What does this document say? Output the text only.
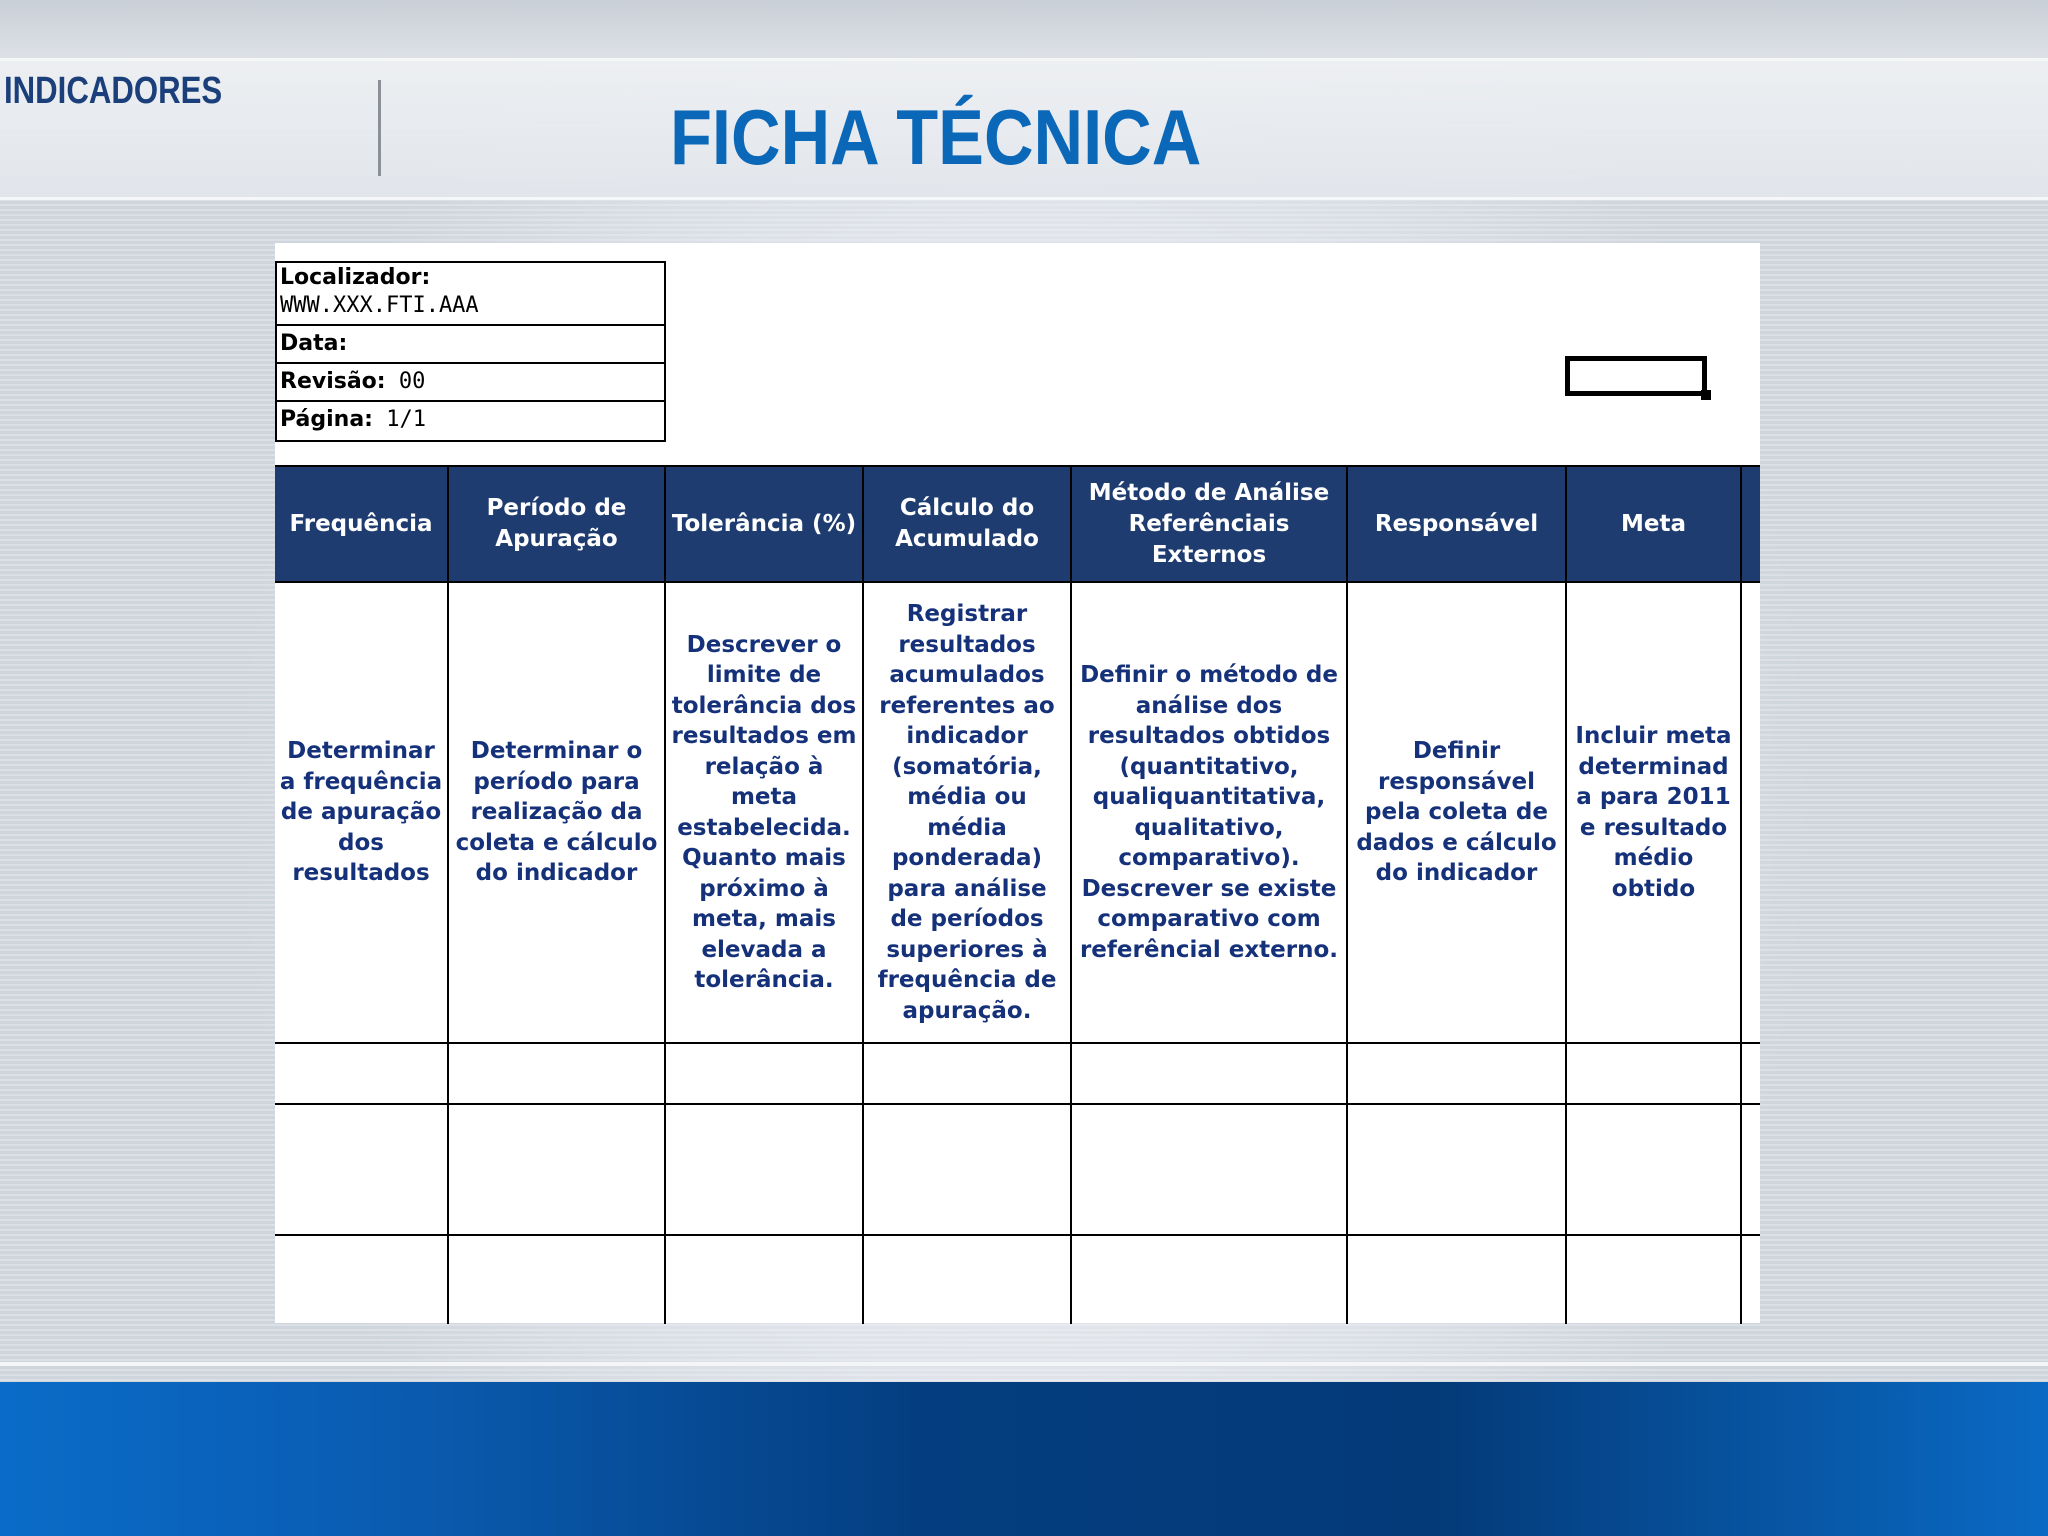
INDICADORES
FICHA TÉCNICA
Localizador:
WWW.XXX.FTI.AAA
Data:
Revisão: 00
Página: 1/1
Frequência	Período de Apuração	Tolerância (%)	Cálculo do Acumulado	Método de Análise Referênciais Externos	Responsável	Meta	
Determinar a frequência de apuração dos resultados	Determinar o período para realização da coleta e cálculo do indicador	Descrever o limite de tolerância dos resultados em relação à meta estabelecida. Quanto mais próximo à meta, mais elevada a tolerância.	Registrar resultados acumulados referentes ao indicador (somatória, média ou média ponderada) para análise de períodos superiores à frequência de apuração.	Definir o método de análise dos resultados obtidos (quantitativo, qualiquantitativa, qualitativo, comparativo). Descrever se existe comparativo com referêncial externo.	Definir responsável pela coleta de dados e cálculo do indicador	Incluir meta determinad a para 2011 e resultado médio obtido	
